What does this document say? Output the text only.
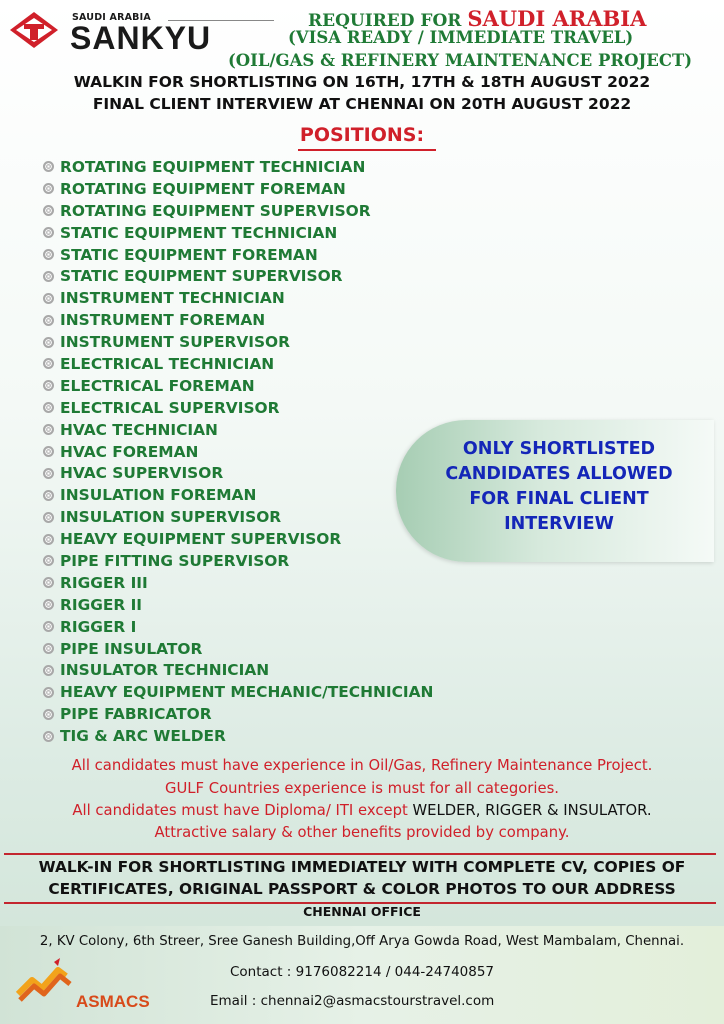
SAUDI ARABIA
SANKYU	REQUIRED FOR SAUDI ARABIA
(VISA READY / IMMEDIATE TRAVEL)
(OIL/GAS & REFINERY MAINTENANCE PROJECT)
WALKIN FOR SHORTLISTING ON 16TH, 17TH & 18TH AUGUST 2022
FINAL CLIENT INTERVIEW AT CHENNAI ON 20TH AUGUST 2022
POSITIONS:
ROTATING EQUIPMENT TECHNICIAN
ROTATING EQUIPMENT FOREMAN
ROTATING EQUIPMENT SUPERVISOR
STATIC EQUIPMENT TECHNICIAN
STATIC EQUIPMENT FOREMAN
STATIC EQUIPMENT SUPERVISOR
INSTRUMENT TECHNICIAN
INSTRUMENT FOREMAN
INSTRUMENT SUPERVISOR
ELECTRICAL TECHNICIAN
ELECTRICAL FOREMAN
ELECTRICAL SUPERVISOR
HVAC TECHNICIAN
HVAC FOREMAN
HVAC SUPERVISOR
INSULATION FOREMAN
INSULATION SUPERVISOR
HEAVY EQUIPMENT SUPERVISOR
PIPE FITTING SUPERVISOR
RIGGER III
RIGGER II
RIGGER I
PIPE INSULATOR
INSULATOR TECHNICIAN
HEAVY EQUIPMENT MECHANIC/TECHNICIAN
PIPE FABRICATOR
TIG & ARC WELDER
ONLY SHORTLISTED
CANDIDATES ALLOWED
FOR FINAL CLIENT
INTERVIEW
All candidates must have experience in Oil/Gas, Refinery Maintenance Project.
GULF Countries experience is must for all categories.
All candidates must have Diploma/ ITI except WELDER, RIGGER & INSULATOR.
Attractive salary & other benefits provided by company.
WALK-IN FOR SHORTLISTING IMMEDIATELY WITH COMPLETE CV, COPIES OF
CERTIFICATES, ORIGINAL PASSPORT & COLOR PHOTOS TO OUR ADDRESS
CHENNAI OFFICE
2, KV Colony, 6th Streer, Sree Ganesh Building,Off Arya Gowda Road, West Mambalam, Chennai.
Contact : 9176082214 / 044-24740857
Email : chennai2@asmacstourstravel.com
ASMACS
